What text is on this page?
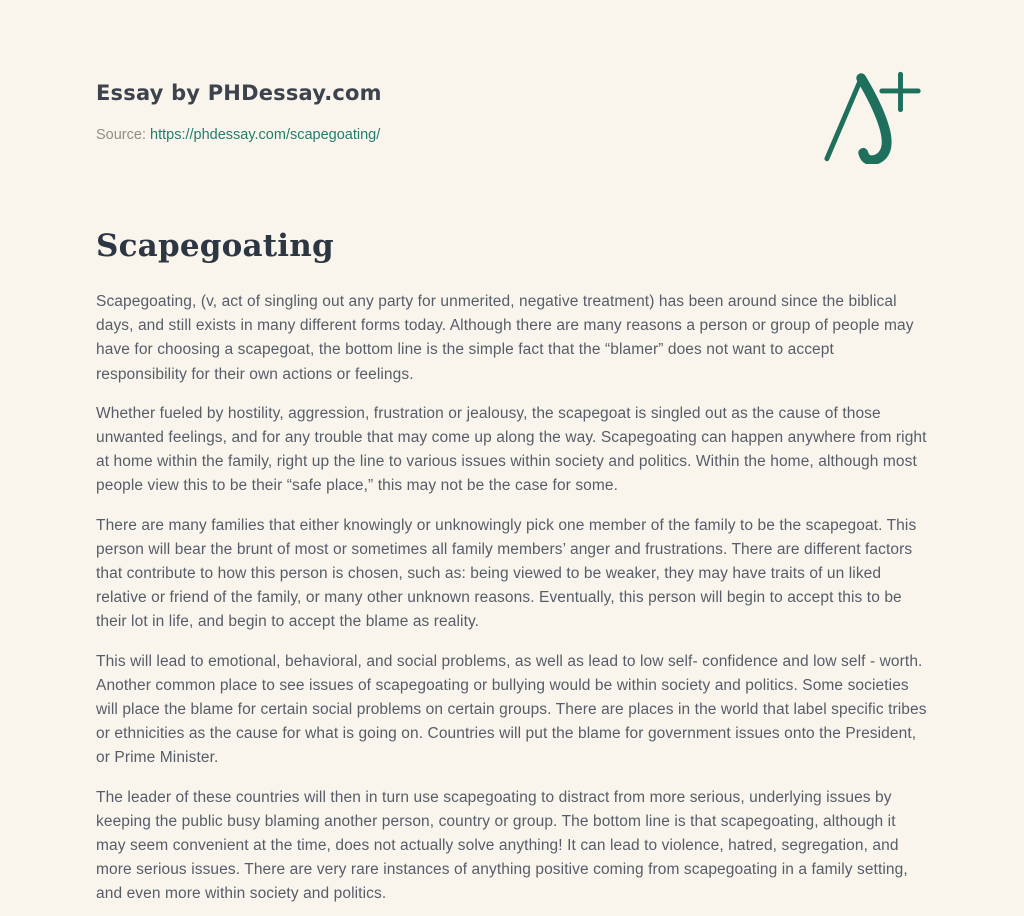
Essay by PHDessay.com
Source: https://phdessay.com/scapegoating/
Scapegoating

Scapegoating, (v, act of singling out any party for unmerited, negative treatment) has been around since the biblical days, and still exists in many different forms today. Although there are many reasons a person or group of people may have for choosing a scapegoat, the bottom line is the simple fact that the “blamer” does not want to accept responsibility for their own actions or feelings.

Whether fueled by hostility, aggression, frustration or jealousy, the scapegoat is singled out as the cause of those unwanted feelings, and for any trouble that may come up along the way. Scapegoating can happen anywhere from right at home within the family, right up the line to various issues within society and politics. Within the home, although most people view this to be their “safe place,” this may not be the case for some.

There are many families that either knowingly or unknowingly pick one member of the family to be the scapegoat. This person will bear the brunt of most or sometimes all family members’ anger and frustrations. There are different factors that contribute to how this person is chosen, such as: being viewed to be weaker, they may have traits of un liked relative or friend of the family, or many other unknown reasons. Eventually, this person will begin to accept this to be their lot in life, and begin to accept the blame as reality.

This will lead to emotional, behavioral, and social problems, as well as lead to low self- confidence and low self - worth. Another common place to see issues of scapegoating or bullying would be within society and politics. Some societies will place the blame for certain social problems on certain groups. There are places in the world that label specific tribes or ethnicities as the cause for what is going on. Countries will put the blame for government issues onto the President, or Prime Minister.

The leader of these countries will then in turn use scapegoating to distract from more serious, underlying issues by keeping the public busy blaming another person, country or group. The bottom line is that scapegoating, although it may seem convenient at the time, does not actually solve anything! It can lead to violence, hatred, segregation, and more serious issues. There are very rare instances of anything positive coming from scapegoating in a family setting, and even more within society and politics.
